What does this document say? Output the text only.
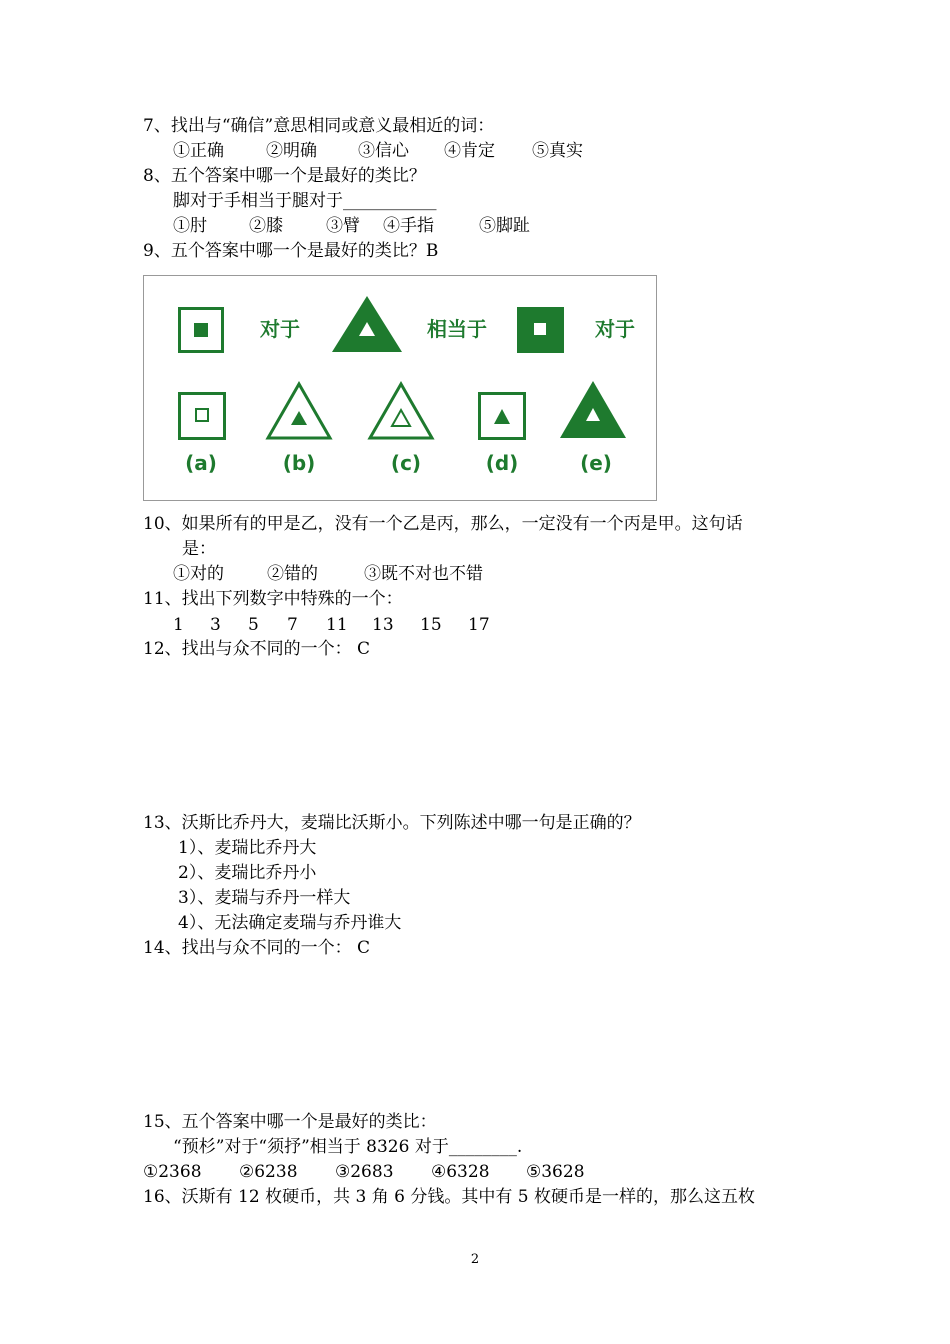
7、找出与“确信”意思相同或意义最相近的词：

①正确

②明确

③信心

④肯定

⑤真实

8、五个答案中哪一个是最好的类比？
脚对于手相当于腿对于___________

①肘

②膝

	③臂

④手指

	⑤脚趾

9、五个答案中哪一个是最好的类比？B
对于	相当于	对于
(a)	(b)	(c)	(d)	(e)
10、如果所有的甲是乙，没有一个乙是丙，那么，一定没有一个丙是甲。这句话
是：

①对的

	②错的

	③既不对也不错

11、找出下列数字中特殊的一个：

1

3

5

7

11

13

15

17

12、找出与众不同的一个： C
13、沃斯比乔丹大，麦瑞比沃斯小。下列陈述中哪一句是正确的？
1）、麦瑞比乔丹大
2）、麦瑞比乔丹小
3）、麦瑞与乔丹一样大
4）、无法确定麦瑞与乔丹谁大
14、找出与众不同的一个： C
15、五个答案中哪一个是最好的类比：
“预杉”对于“须抒”相当于 8326 对于________.

①2368

②6238

③2683

④6328

⑤3628

16、沃斯有 12 枚硬币，共 3 角 6 分钱。其中有 5 枚硬币是一样的，那么这五枚
2
